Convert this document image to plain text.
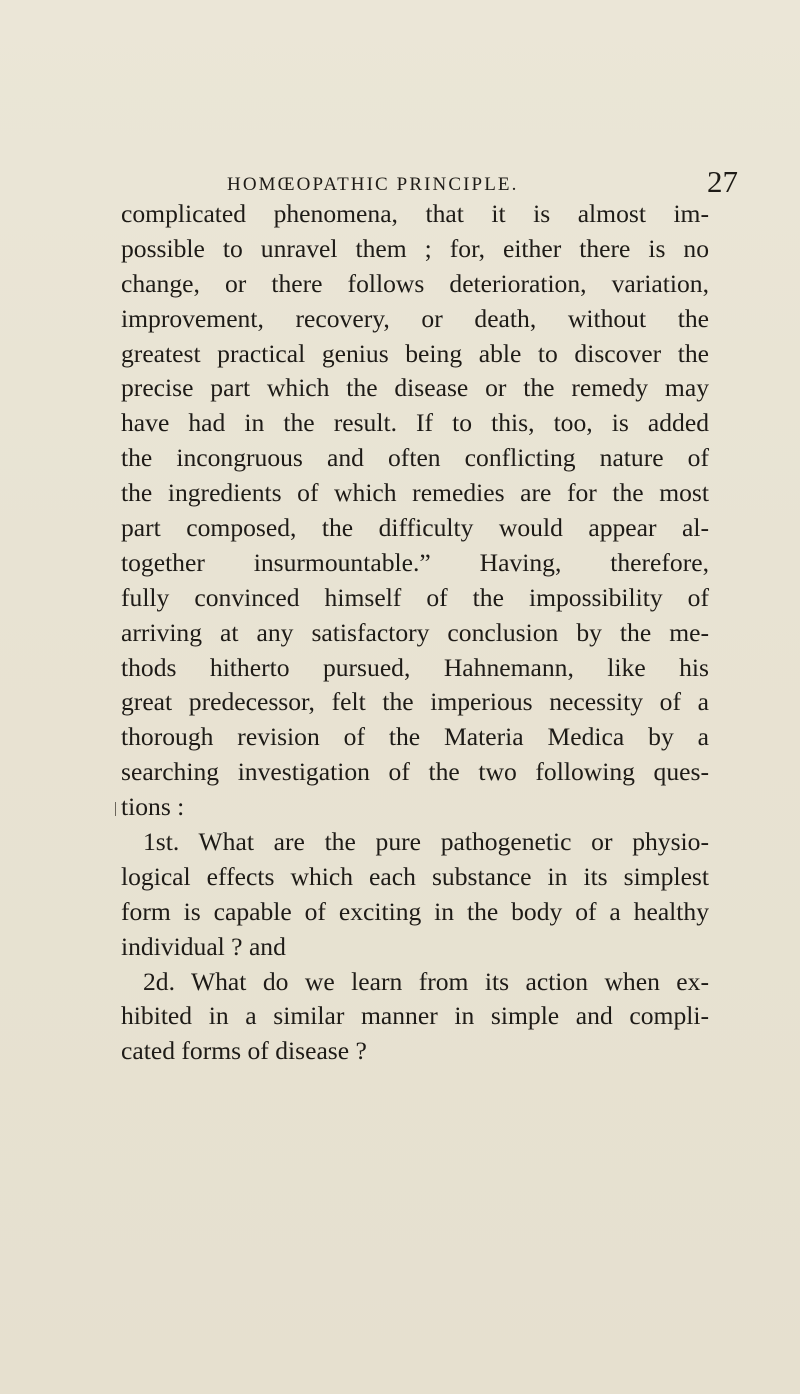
HOMŒOPATHIC PRINCIPLE.	27
complicated phenomena, that it is almost im-
possible to unravel them ; for, either there is no
change, or there follows deterioration, variation,
improvement, recovery, or death, without the
greatest practical genius being able to discover the
precise part which the disease or the remedy may
have had in the result. If to this, too, is added
the incongruous and often conflicting nature of
the ingredients of which remedies are for the most
part composed, the difficulty would appear al-
together insurmountable.” Having, therefore,
fully convinced himself of the impossibility of
arriving at any satisfactory conclusion by the me-
thods hitherto pursued, Hahnemann, like his
great predecessor, felt the imperious necessity of a
thorough revision of the Materia Medica by a
searching investigation of the two following ques-
tions :
1st. What are the pure pathogenetic or physio-
logical effects which each substance in its simplest
form is capable of exciting in the body of a healthy
individual ? and
2d. What do we learn from its action when ex-
hibited in a similar manner in simple and compli-
cated forms of disease ?
